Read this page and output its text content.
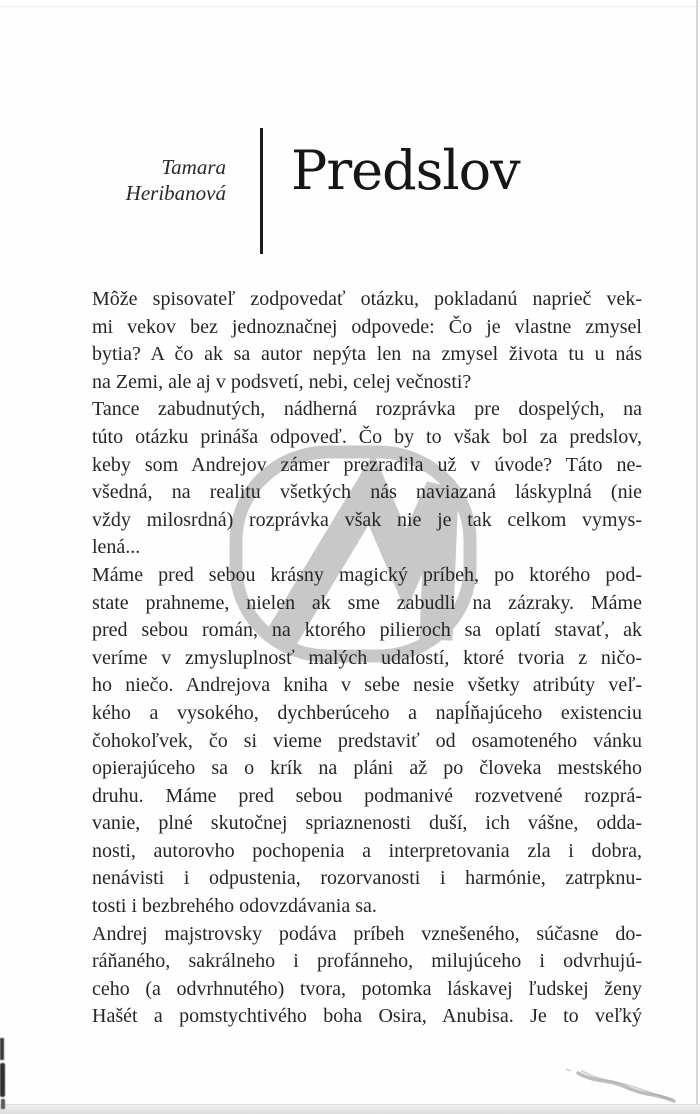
Tamara
Heribanová Predslov
Môže spisovateľ zodpovedať otázku, pokladanú naprieč vek-
mi vekov bez jednoznačnej odpovede: Čo je vlastne zmysel
bytia? A čo ak sa autor nepýta len na zmysel života tu u nás
na Zemi, ale aj v podsvetí, nebi, celej večnosti?
Tance zabudnutých, nádherná rozprávka pre dospelých, na
túto otázku prináša odpoveď. Čo by to však bol za predslov,
keby som Andrejov zámer prezradila už v úvode? Táto ne-
všedná, na realitu všetkých nás naviazaná láskyplná (nie
vždy milosrdná) rozprávka však nie je tak celkom vymys-
lená...
Máme pred sebou krásny magický príbeh, po ktorého pod-
state prahneme, nielen ak sme zabudli na zázraky. Máme
pred sebou román, na ktorého pilieroch sa oplatí stavať, ak
veríme v zmysluplnosť malých udalostí, ktoré tvoria z ničo-
ho niečo. Andrejova kniha v sebe nesie všetky atribúty veľ-
kého a vysokého, dychberúceho a napĺňajúceho existenciu
čohokoľvek, čo si vieme predstaviť od osamoteného vánku
opierajúceho sa o krík na pláni až po človeka mestského
druhu. Máme pred sebou podmanivé rozvetvené rozprá-
vanie, plné skutočnej spriaznenosti duší, ich vášne, odda-
nosti, autorovho pochopenia a interpretovania zla i dobra,
nenávisti i odpustenia, rozorvanosti i harmónie, zatrpknu-
tosti i bezbrehého odovzdávania sa.
Andrej majstrovsky podáva príbeh vznešeného, súčasne do-
ráňaného, sakrálneho i profánneho, milujúceho i odvrhujú-
ceho (a odvrhnutého) tvora, potomka láskavej ľudskej ženy
Hašét a pomstychtivého boha Osira, Anubisa. Je to veľký
